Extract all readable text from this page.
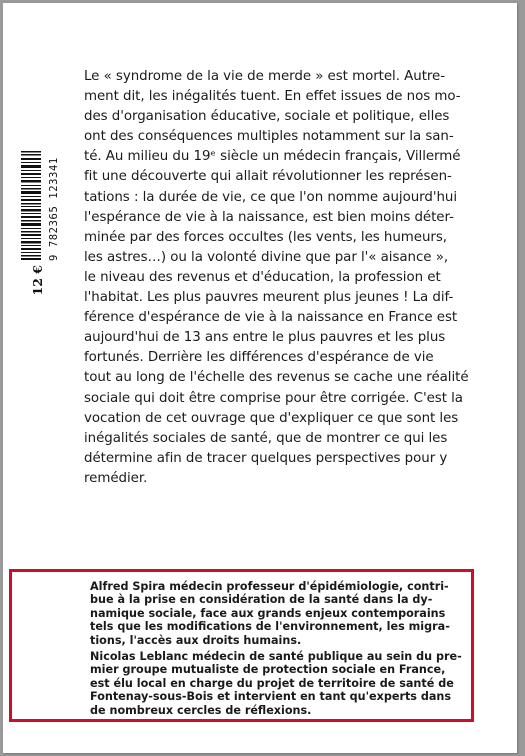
Le « syndrome de la vie de merde » est mortel. Autre-

ment dit, les inégalités tuent. En effet issues de nos mo-

des d'organisation éducative, sociale et politique, elles

ont des conséquences multiples notamment sur la san-

té. Au milieu du 19ᵉ siècle un médecin français, Villermé

fit une découverte qui allait révolutionner les représen-

tations : la durée de vie, ce que l'on nomme aujourd'hui

l'espérance de vie à la naissance, est bien moins déter-

minée par des forces occultes (les vents, les humeurs,

les astres…) ou la volonté divine que par l'« aisance »,

le niveau des revenus et d'éducation, la profession et

l'habitat. Les plus pauvres meurent plus jeunes ! La dif-

férence d'espérance de vie à la naissance en France est

aujourd'hui de 13 ans entre le plus pauvres et les plus

fortunés. Derrière les différences d'espérance de vie

tout au long de l'échelle des revenus se cache une réalité

sociale qui doit être comprise pour être corrigée. C'est la

vocation de cet ouvrage que d'expliquer ce que sont les

inégalités sociales de santé, que de montrer ce qui les

détermine afin de tracer quelques perspectives pour y

remédier.

9 782365 123341
12 €
Alfred Spira médecin professeur d'épidémiologie, contri-
bue à la prise en considération de la santé dans la dy-
namique sociale, face aux grands enjeux contemporains
tels que les modifications de l'environnement, les migra-
tions, l'accès aux droits humains.
Nicolas Leblanc médecin de santé publique au sein du pre-
mier groupe mutualiste de protection sociale en France,
est élu local en charge du projet de territoire de santé de
Fontenay-sous-Bois et intervient en tant qu'experts dans
de nombreux cercles de réflexions.
